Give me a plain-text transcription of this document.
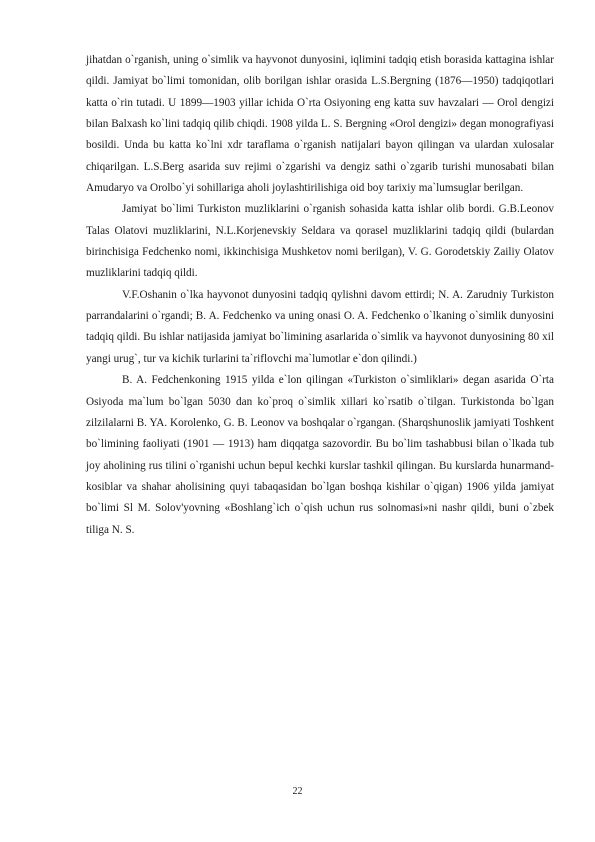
jihatdan o`rganish, uning o`simlik va hayvonot dunyosini, iqlimini tadqiq etish borasida kattagina ishlar qildi. Jamiyat bo`limi tomonidan, olib borilgan ishlar orasida L.S.Bergning (1876—1950) tadqiqotlari katta o`rin tutadi. U 1899—1903 yillar ichida O`rta Osiyoning eng katta suv havzalari — Orol dengizi bilan Balxash ko`lini tadqiq qilib chiqdi. 1908 yilda L. S. Bergning «Orol dengizi» degan monografiyasi bosildi. Unda bu katta ko`lni xdr taraflama o`rganish natijalari bayon qilingan va ulardan xulosalar chiqarilgan. L.S.Berg asarida suv rejimi o`zgarishi va dengiz sathi o`zgarib turishi munosabati bilan Amudaryo va Orolbo`yi sohillariga aholi joylashtirilishiga oid boy tarixiy ma`lumsuglar berilgan.

Jamiyat bo`limi Turkiston muzliklarini o`rganish sohasida katta ishlar olib bordi. G.B.Leonov Talas Olatovi muzliklarini, N.L.Korjenevskiy Seldara va qorasel muzliklarini tadqiq qildi (bulardan birinchisiga Fedchenko nomi, ikkinchisiga Mushketov nomi berilgan), V. G. Gorodetskiy Zailiy Olatov muzliklarini tadqiq qildi.

V.F.Oshanin o`lka hayvonot dunyosini tadqiq qylishni davom ettirdi; N. A. Zarudniy Turkiston parrandalarini o`rgandi; B. A. Fedchenko va uning onasi O. A. Fedchenko o`lkaning o`simlik dunyosini tadqiq qildi. Bu ishlar natijasida jamiyat bo`limining asarlarida o`simlik va hayvonot dunyosining 80 xil yangi urug`, tur va kichik turlarini ta`riflovchi ma`lumotlar e`don qilindi.)

B. A. Fedchenkoning 1915 yilda e`lon qilingan «Turkiston o`simliklari» degan asarida O`rta Osiyoda ma`lum bo`lgan 5030 dan ko`proq o`simlik xillari ko`rsatib o`tilgan. Turkistonda bo`lgan zilzilalarni B. YA. Korolenko, G. B. Leonov va boshqalar o`rgangan. (Sharqshunoslik jamiyati Toshkent bo`limining faoliyati (1901 — 1913) ham diqqatga sazovordir. Bu bo`lim tashabbusi bilan o`lkada tub joy aholining rus tilini o`rganishi uchun bepul kechki kurslar tashkil qilingan. Bu kurslarda hunarmand-kosiblar va shahar aholisining quyi tabaqasidan bo`lgan boshqa kishilar o`qigan) 1906 yilda jamiyat bo`limi Sl M. Solov'yovning «Boshlang`ich o`qish uchun rus solnomasi»ni nashr qildi, buni o`zbek tiliga N. S.

22
